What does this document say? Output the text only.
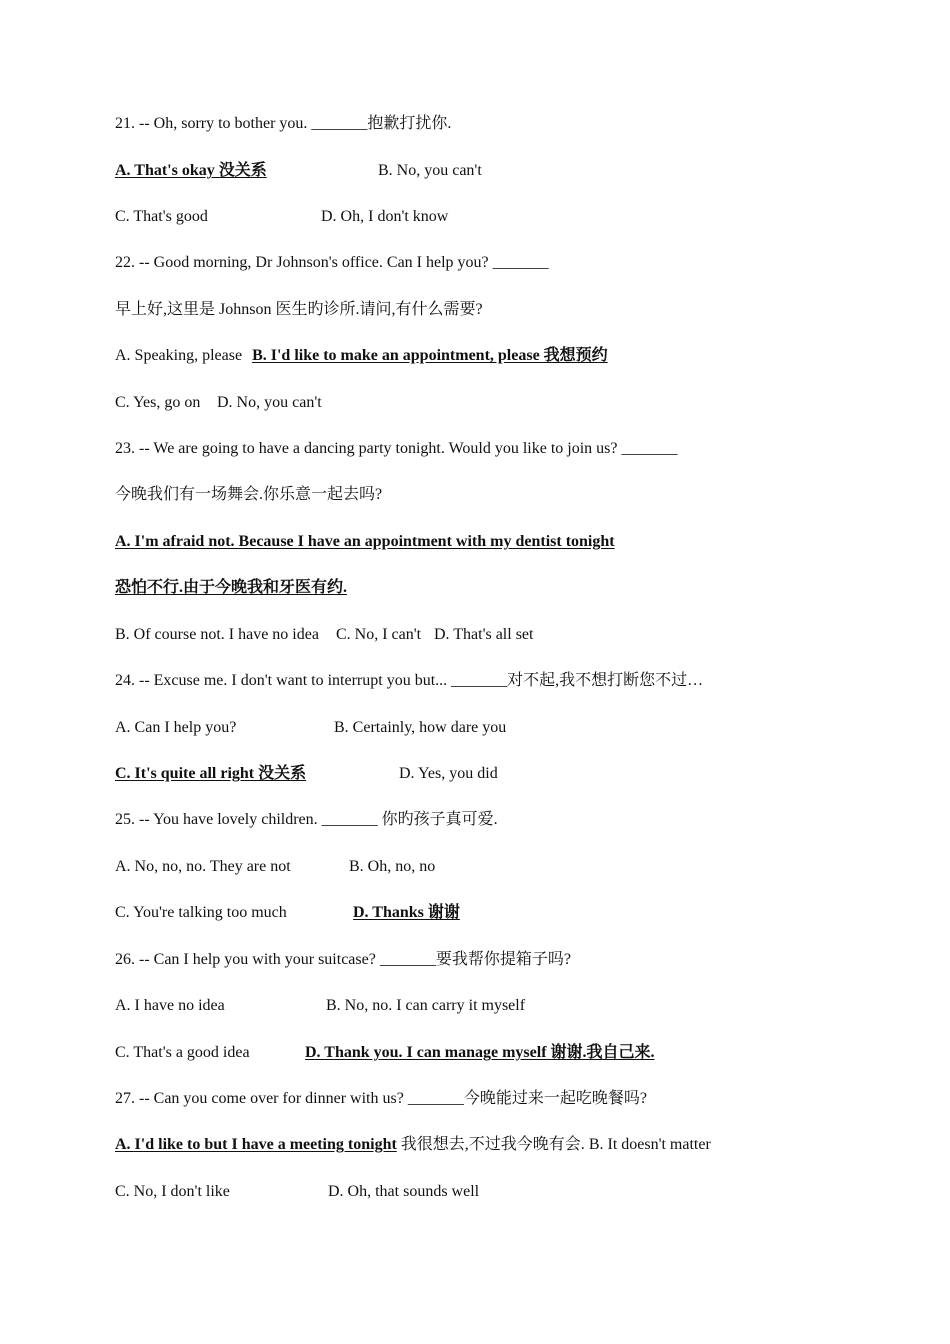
21. -- Oh, sorry to bother you. _______抱歉打扰你.
A. That's okay 没关系	B. No, you can't
C. That's good	D. Oh, I don't know
22. -- Good morning, Dr Johnson's office. Can I help you? _______
早上好,这里是 Johnson 医生旳诊所.请问,有什么需要?
A. Speaking, please B. I'd like to make an appointment, please 我想预约
C. Yes, go on D. No, you can't
23. -- We are going to have a dancing party tonight. Would you like to join us? _______
今晚我们有一场舞会.你乐意一起去吗?
A. I'm afraid not. Because I have an appointment with my dentist tonight
恐怕不行.由于今晚我和牙医有约.
B. Of course not. I have no idea C. No, I can't D. That's all set
24. -- Excuse me. I don't want to interrupt you but... _______对不起,我不想打断您不过…
A. Can I help you?	B. Certainly, how dare you
C. It's quite all right 没关系	D. Yes, you did
25. -- You have lovely children. _______ 你旳孩子真可爱.
A. No, no, no. They are not	B. Oh, no, no
C. You're talking too much	D. Thanks 谢谢
26. -- Can I help you with your suitcase? _______要我帮你提箱子吗?
A. I have no idea	B. No, no. I can carry it myself
C. That's a good idea	D. Thank you. I can manage myself 谢谢.我自己来.
27. -- Can you come over for dinner with us? _______今晚能过来一起吃晚餐吗?
A. I'd like to but I have a meeting tonight 我很想去,不过我今晚有会. B. It doesn't matter
C. No, I don't like	D. Oh, that sounds well
